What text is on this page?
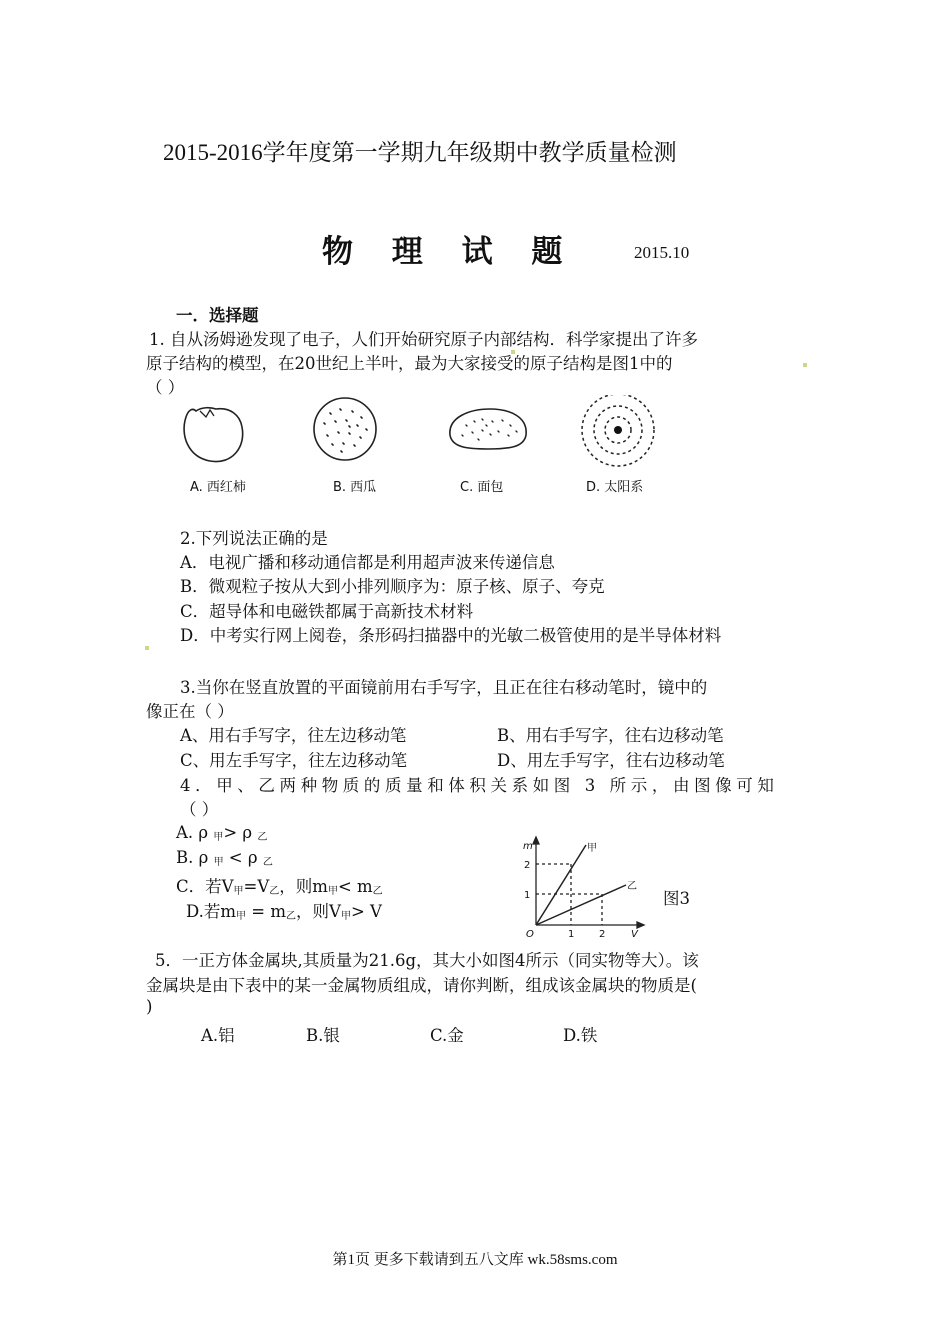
2015-2016学年度第一学期九年级期中教学质量检测
物 理 试 题	2015.10
一．选择题
1. 自从汤姆逊发现了电子，人们开始研究原子内部结构．科学家提出了许多
原子结构的模型，在20世纪上半叶，最为大家接受的原子结构是图1中的
（ ）
A. 西红柿	B. 西瓜	C. 面包	D. 太阳系
2.下列说法正确的是
A．电视广播和移动通信都是利用超声波来传递信息
B．微观粒子按从大到小排列顺序为：原子核、原子、夸克
C．超导体和电磁铁都属于高新技术材料
D．中考实行网上阅卷，条形码扫描器中的光敏二极管使用的是半导体材料
3.当你在竖直放置的平面镜前用右手写字，且正在往右移动笔时，镜中的
像正在（ ）
A、用右手写字，往左边移动笔	B、用右手写字，往右边移动笔
C、用左手写字，往左边移动笔	D、用左手写字，往右边移动笔
4．甲、乙两种物质的质量和体积关系如图 3 所示，由图像可知
（ ）
A. ρ $_甲$> ρ $_乙$
B. ρ $_甲$ < ρ $_乙$
C．若$V_甲=V_乙$，则$m_甲< m_乙$
D.若$m_甲 = m_乙$，则$V_甲> V$
m
2
1
O	1 2	V
甲
乙
图3
5．一正方体金属块,其质量为21.6g，其大小如图4所示（同实物等大）。该
金属块是由下表中的某一金属物质组成，请你判断，组成该金属块的物质是(
)
A.铝	B.银	C.金	D.铁
第1页 更多下载请到五八文库 wk.58sms.com
